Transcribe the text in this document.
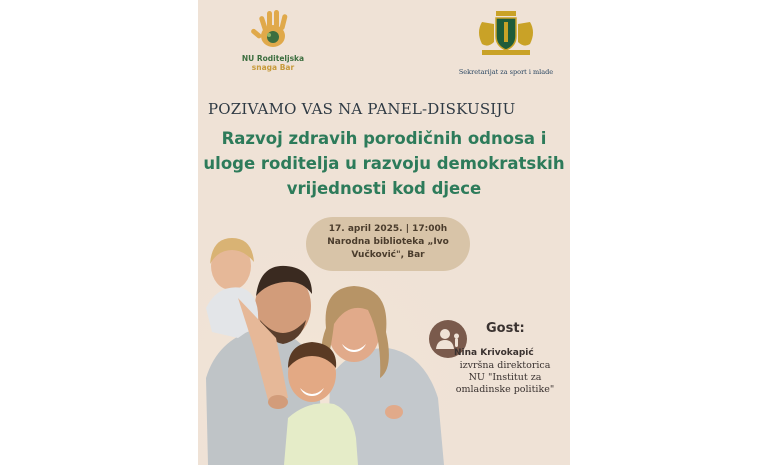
NU Roditeljska
snaga Bar	Sekretarijat za sport i mlade
POZIVAMO VAS NA PANEL-DISKUSIJU
Razvoj zdravih porodičnih odnosa i
uloge roditelja u razvoju demokratskih
vrijednosti kod djece
17. april 2025. | 17:00h
Narodna biblioteka „Ivo
Vučković", Bar
Gost:
Nina Krivokapić
izvršna direktorica
NU "Institut za
omladinske politike"
